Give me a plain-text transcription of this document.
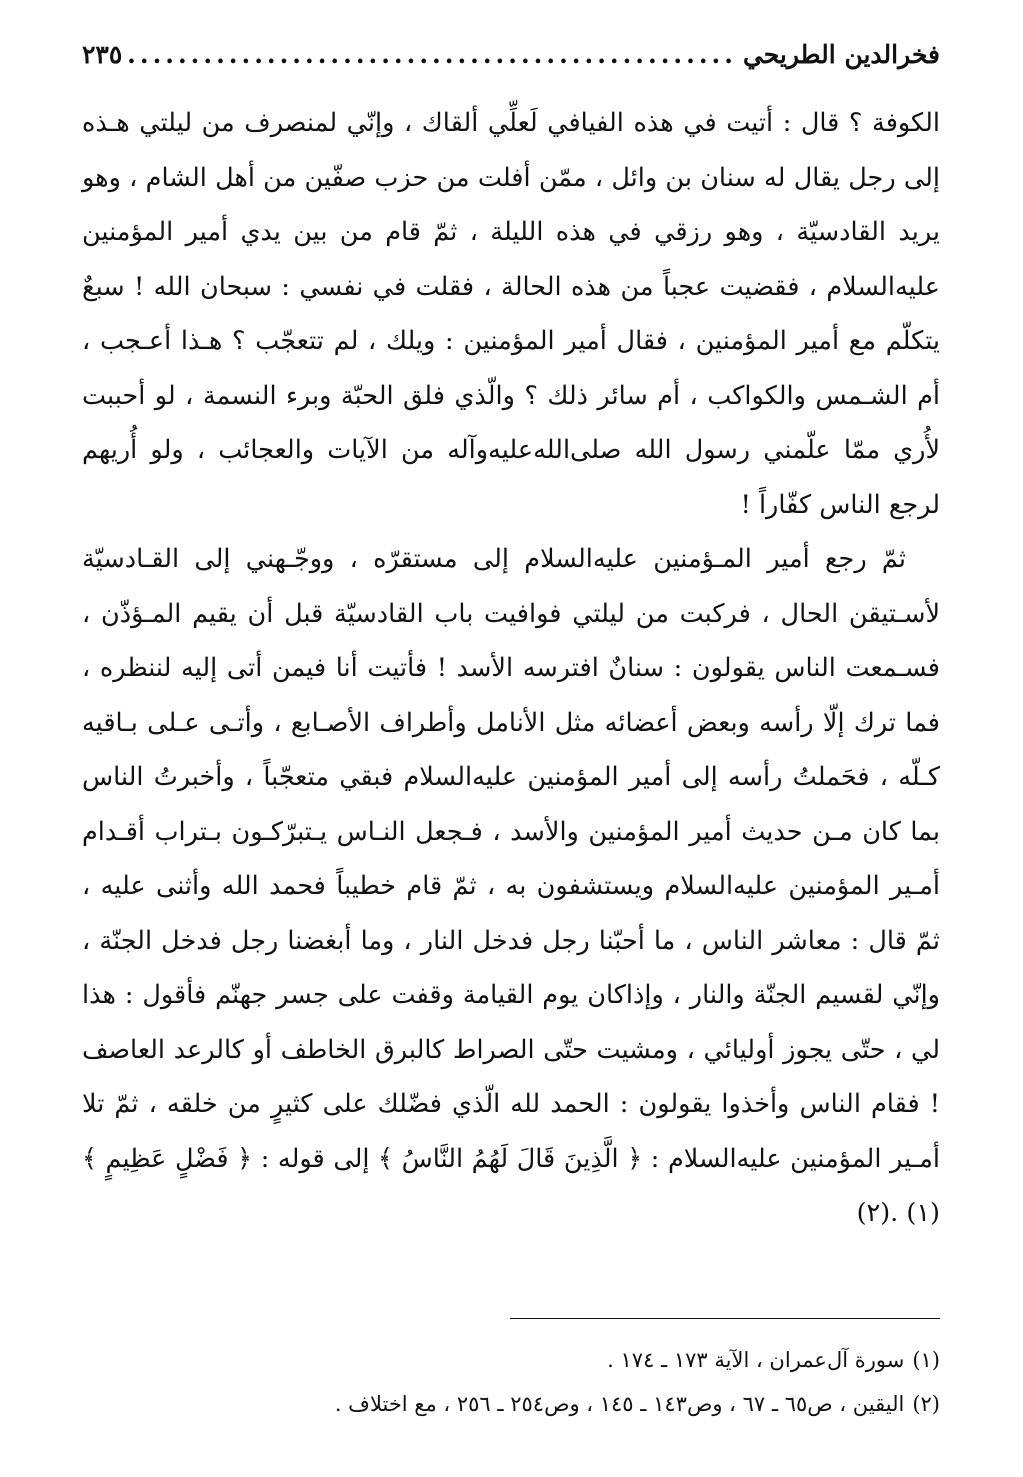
فخرالدين الطريحي
.....
٢٣٥

الكوفة ؟ قال : أتيت في هذه الفيافي لَعلِّي ألقاك ، وإنّي لمنصرف من ليلتي هـذه إلى رجل يقال له سنان بن وائل ، ممّن أفلت من حزب صفّين من أهل الشام ، وهو يريد القادسيّة ، وهو رزقي في هذه الليلة ، ثمّ قام من بين يدي أمير المؤمنين عليه‌السلام ، فقضيت عجباً من هذه الحالة ، فقلت في نفسي : سبحان الله ! سبعٌ يتكلّم مع أمير المؤمنين ، فقال أمير المؤمنين : ويلك ، لم تتعجّب ؟ هـذا أعـجب ، أم الشـمس والكواكب ، أم سائر ذلك ؟ والّذي فلق الحبّة وبرء النسمة ، لو أحببت لأُري ممّا علّمني رسول الله صلى‌الله‌عليه‌وآله من الآيات والعجائب ، ولو أُريهم لرجع الناس كفّاراً !

ثمّ رجع أمير المـؤمنين عليه‌السلام إلى مستقرّه ، ووجّـهني إلى القـادسيّة لأسـتيقن الحال ، فركبت من ليلتي فوافيت باب القادسيّة قبل أن يقيم المـؤذّن ، فسـمعت الناس يقولون : سنانٌ افترسه الأسد ! فأتيت أنا فيمن أتى إليه لننظره ، فما ترك إلّا رأسه وبعض أعضائه مثل الأنامل وأطراف الأصـابع ، وأتـى عـلى بـاقيه كـلّه ، فحَملتُ رأسه إلى أمير المؤمنين عليه‌السلام فبقي متعجّباً ، وأخبرتُ الناس بما كان مـن حديث أمير المؤمنين والأسد ، فـجعل النـاس يـتبرّكـون بـتراب أقـدام أمـير المؤمنين عليه‌السلام ويستشفون به ، ثمّ قام خطيباً فحمد الله وأثنى عليه ، ثمّ قال : معاشر الناس ، ما أحبّنا رجل فدخل النار ، وما أبغضنا رجل فدخل الجنّة ، وإنّي لقسيم الجنّة والنار ، وإذاكان يوم القيامة وقفت على جسر جهنّم فأقول : هذا لي ، حتّى يجوز أوليائي ، ومشيت حتّى الصراط كالبرق الخاطف أو كالرعد العاصف ! فقام الناس وأخذوا يقولون : الحمد لله الّذي فضّلك على كثيرٍ من خلقه ، ثمّ تلا أمـير المؤمنين عليه‌السلام : ﴿ الَّذِينَ قَالَ لَهُمُ النَّاسُ ﴾ إلى قوله : ﴿ فَضْلٍ عَظِيمٍ ﴾(١) .(٢)

(١)سورة آل‌عمران ، الآية ١٧٣ ـ ١٧٤ .

(٢)اليقين ، ص٦٥ ـ ٦٧ ، وص١٤٣ ـ ١٤٥ ، وص٢٥٤ ـ ٢٥٦ ، مع اختلاف .
